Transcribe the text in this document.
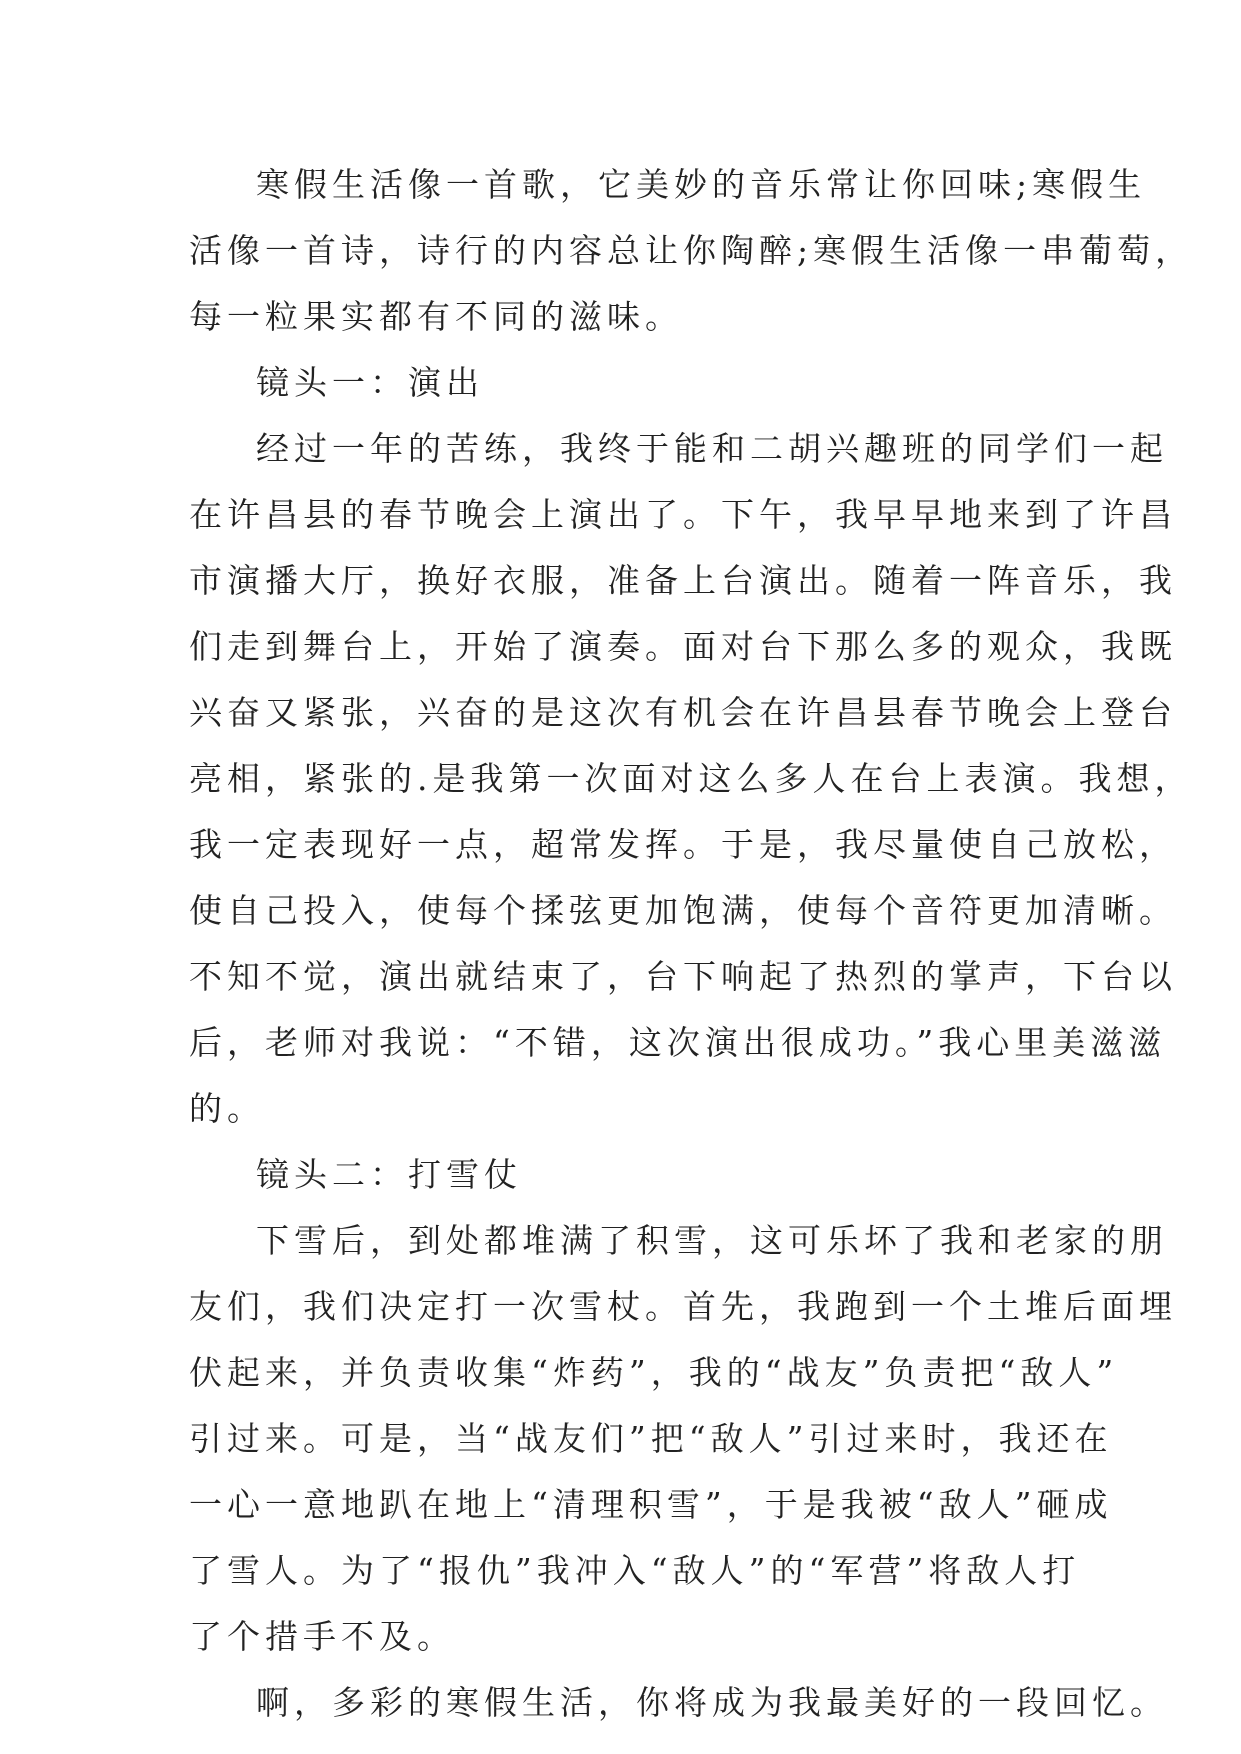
寒假生活像一首歌，它美妙的音乐常让你回味;寒假生
活像一首诗，诗行的内容总让你陶醉;寒假生活像一串葡萄，
每一粒果实都有不同的滋味。
镜头一：演出
经过一年的苦练，我终于能和二胡兴趣班的同学们一起
在许昌县的春节晚会上演出了。下午，我早早地来到了许昌
市演播大厅，换好衣服，准备上台演出。随着一阵音乐，我
们走到舞台上，开始了演奏。面对台下那么多的观众，我既
兴奋又紧张，兴奋的是这次有机会在许昌县春节晚会上登台
亮相，紧张的.是我第一次面对这么多人在台上表演。我想，
我一定表现好一点，超常发挥。于是，我尽量使自己放松，
使自己投入，使每个揉弦更加饱满，使每个音符更加清晰。
不知不觉，演出就结束了，台下响起了热烈的掌声，下台以
后，老师对我说：“不错，这次演出很成功。”我心里美滋滋
的。
镜头二：打雪仗
下雪后，到处都堆满了积雪，这可乐坏了我和老家的朋
友们，我们决定打一次雪杖。首先，我跑到一个土堆后面埋
伏起来，并负责收集“炸药”，我的“战友”负责把“敌人”
引过来。可是，当“战友们”把“敌人”引过来时，我还在
一心一意地趴在地上“清理积雪”，于是我被“敌人”砸成
了雪人。为了“报仇”我冲入“敌人”的“军营”将敌人打
了个措手不及。
啊，多彩的寒假生活，你将成为我最美好的一段回忆。
